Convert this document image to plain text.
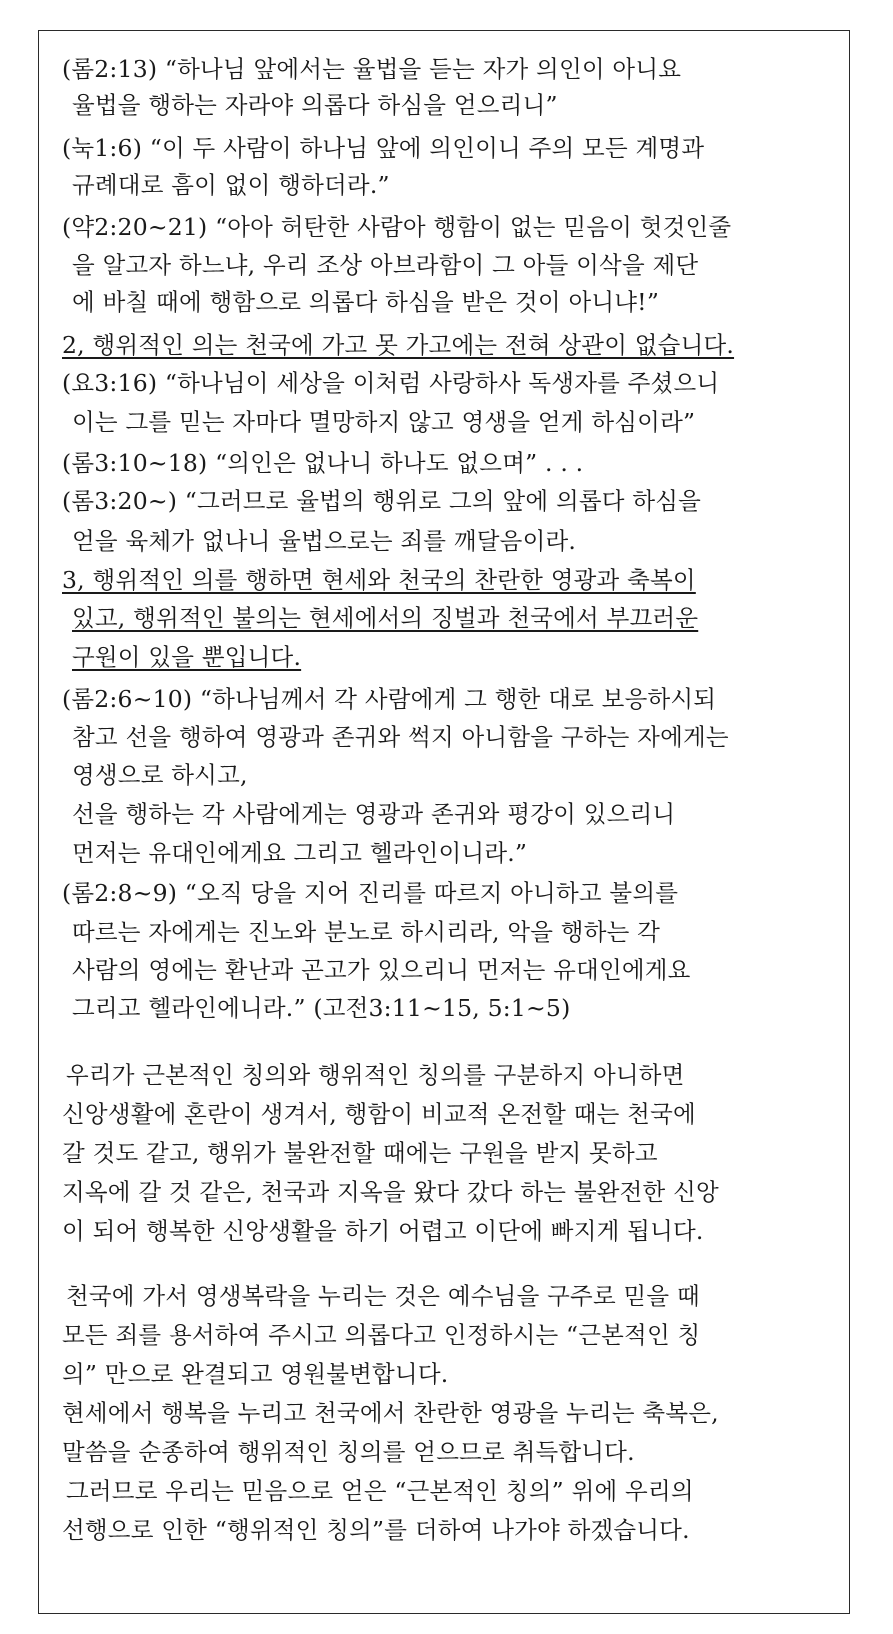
(롬2:13) “하나님 앞에서는 율법을 듣는 자가 의인이 아니요
율법을 행하는 자라야 의롭다 하심을 얻으리니”
(눅1:6) “이 두 사람이 하나님 앞에 의인이니 주의 모든 계명과
규례대로 흠이 없이 행하더라.”
(약2:20~21) “아아 허탄한 사람아 행함이 없는 믿음이 헛것인줄
을 알고자 하느냐, 우리 조상 아브라함이 그 아들 이삭을 제단
에 바칠 때에 행함으로 의롭다 하심을 받은 것이 아니냐!”
2, 행위적인 의는 천국에 가고 못 가고에는 전혀 상관이 없습니다.
(요3:16) “하나님이 세상을 이처럼 사랑하사 독생자를 주셨으니
이는 그를 믿는 자마다 멸망하지 않고 영생을 얻게 하심이라”
(롬3:10~18) “의인은 없나니 하나도 없으며” . . .
(롬3:20~) “그러므로 율법의 행위로 그의 앞에 의롭다 하심을
얻을 육체가 없나니 율법으로는 죄를 깨달음이라.
3, 행위적인 의를 행하면 현세와 천국의 찬란한 영광과 축복이
있고, 행위적인 불의는 현세에서의 징벌과 천국에서 부끄러운
구원이 있을 뿐입니다.
(롬2:6~10) “하나님께서 각 사람에게 그 행한 대로 보응하시되
참고 선을 행하여 영광과 존귀와 썩지 아니함을 구하는 자에게는
영생으로 하시고,
선을 행하는 각 사람에게는 영광과 존귀와 평강이 있으리니
먼저는 유대인에게요 그리고 헬라인이니라.”
(롬2:8~9) “오직 당을 지어 진리를 따르지 아니하고 불의를
따르는 자에게는 진노와 분노로 하시리라, 악을 행하는 각
사람의 영에는 환난과 곤고가 있으리니 먼저는 유대인에게요
그리고 헬라인에니라.” (고전3:11~15, 5:1~5)
우리가 근본적인 칭의와 행위적인 칭의를 구분하지 아니하면
신앙생활에 혼란이 생겨서, 행함이 비교적 온전할 때는 천국에
갈 것도 같고, 행위가 불완전할 때에는 구원을 받지 못하고
지옥에 갈 것 같은, 천국과 지옥을 왔다 갔다 하는 불완전한 신앙
이 되어 행복한 신앙생활을 하기 어렵고 이단에 빠지게 됩니다.
천국에 가서 영생복락을 누리는 것은 예수님을 구주로 믿을 때
모든 죄를 용서하여 주시고 의롭다고 인정하시는 “근본적인 칭
의” 만으로 완결되고 영원불변합니다.
현세에서 행복을 누리고 천국에서 찬란한 영광을 누리는 축복은,
말씀을 순종하여 행위적인 칭의를 얻으므로 취득합니다.
그러므로 우리는 믿음으로 얻은 “근본적인 칭의” 위에 우리의
선행으로 인한 “행위적인 칭의”를 더하여 나가야 하겠습니다.
